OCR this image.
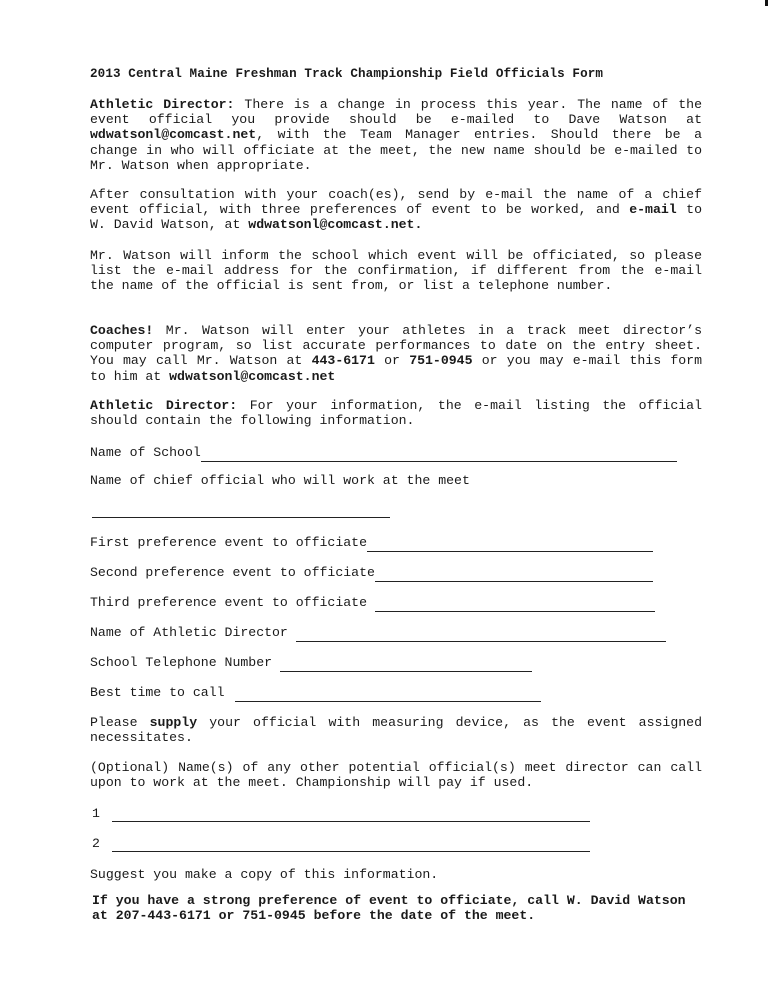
2013 Central Maine Freshman Track Championship Field Officials Form
Athletic Director: There is a change in process this year. The name of the event official you provide should be e-mailed to Dave Watson at wdwatsonl@comcast.net, with the Team Manager entries. Should there be a change in who will officiate at the meet, the new name should be e-mailed to Mr. Watson when appropriate.
After consultation with your coach(es), send by e-mail the name of a chief event official, with three preferences of event to be worked, and e-mail to W. David Watson, at wdwatsonl@comcast.net.
Mr. Watson will inform the school which event will be officiated, so please list the e-mail address for the confirmation, if different from the e-mail the name of the official is sent from, or list a telephone number.
Coaches! Mr. Watson will enter your athletes in a track meet director’s computer program, so list accurate performances to date on the entry sheet. You may call Mr. Watson at 443-6171 or 751-0945 or you may e-mail this form to him at wdwatsonl@comcast.net
Athletic Director: For your information, the e-mail listing the official should contain the following information.
Name of School
Name of chief official who will work at the meet
First preference event to officiate
Second preference event to officiate
Third preference event to officiate
Name of Athletic Director
School Telephone Number
Best time to call
Please supply your official with measuring device, as the event assigned necessitates.
(Optional) Name(s) of any other potential official(s) meet director can call upon to work at the meet. Championship will pay if used.
1
2
Suggest you make a copy of this information.
If you have a strong preference of event to officiate, call W. David Watson at 207-443-6171 or 751-0945 before the date of the meet.
